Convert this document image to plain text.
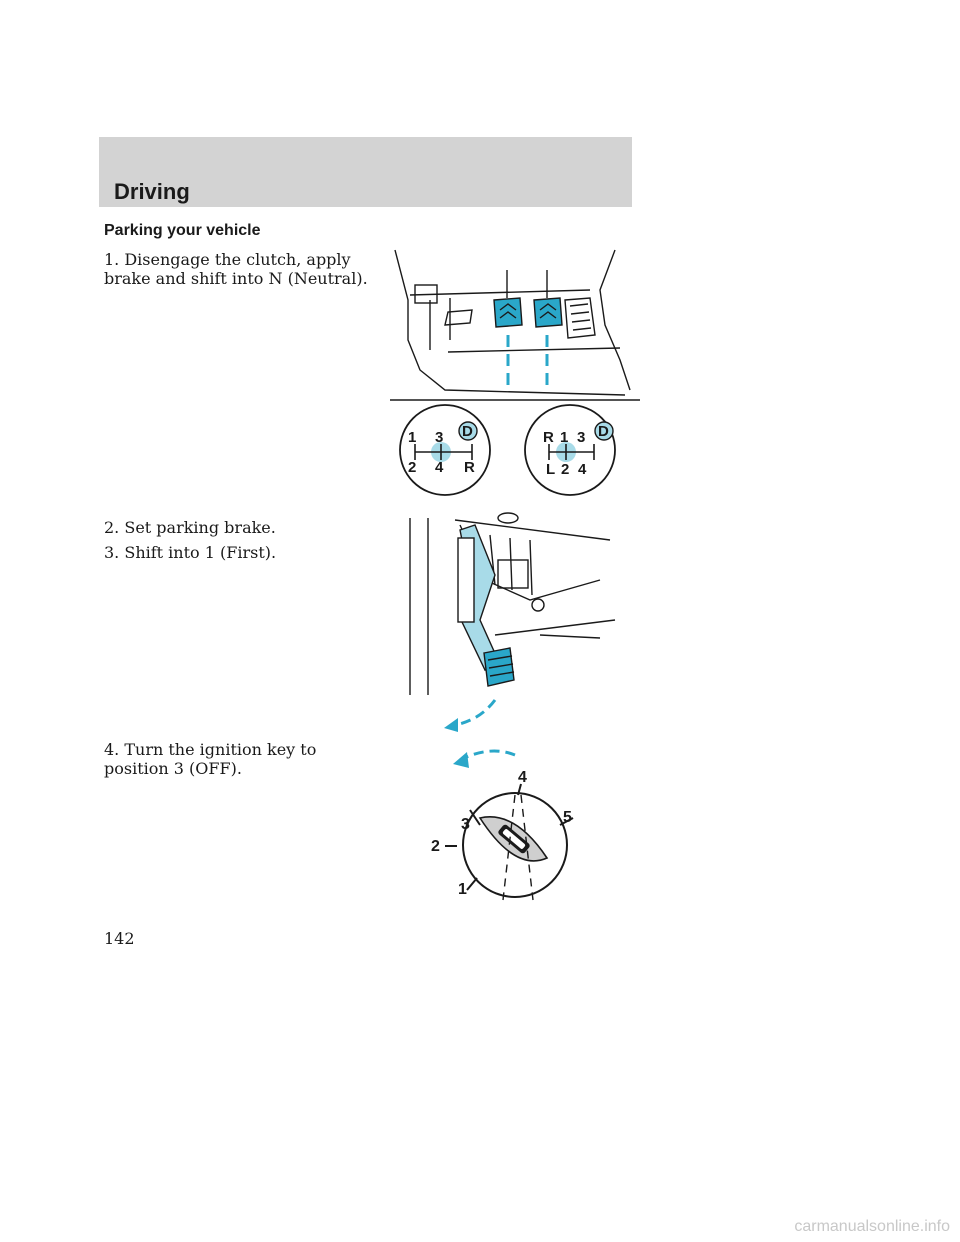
Driving
Parking your vehicle
1. Disengage the clutch, apply brake and shift into N (Neutral).
2. Set parking brake.
3. Shift into 1 (First).
4. Turn the ignition key to position 3 (OFF).
1 3 D
2 4 R
R 1 3 D
L 2 4
3
4
5
2
1
142
carmanualsonline.info
